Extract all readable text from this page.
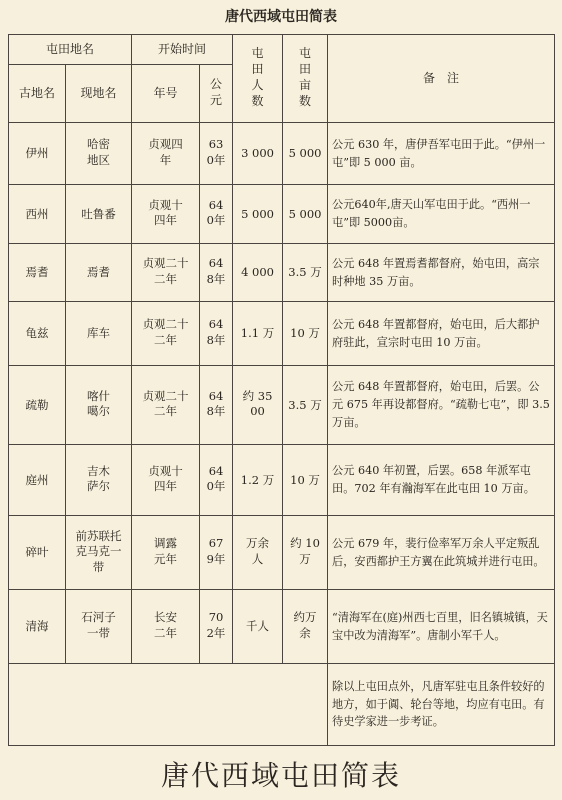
唐代西域屯田简表
屯田地名		开始时间		屯田人数	屯田亩数	备　注
古地名	现地名	年号	公元			
伊州	哈密地区	贞观四年	630年	3 000	5 000	公元 630 年，唐伊吾军屯田于此。“伊州一屯”即 5 000 亩。
西州	吐鲁番	贞观十四年	640年	5 000	5 000	公元640年,唐天山军屯田于此。“西州一屯”即 5000亩。
焉耆	焉耆	贞观二十二年	648年	4 000	3.5 万	公元 648 年置焉耆都督府，始屯田，高宗时种地 35 万亩。
龟兹	库车	贞观二十二年	648年	1.1 万	10 万	公元 648 年置都督府，始屯田，后大都护府驻此，宣宗时屯田 10 万亩。
疏勒	喀什噶尔	贞观二十二年	648年	约 3500	3.5 万	公元 648 年置都督府，始屯田，后罢。公元 675 年再设都督府。“疏勒七屯”，即 3.5 万亩。
庭州	吉木萨尔	贞观十四年	640年	1.2 万	10 万	公元 640 年初置，后罢。658 年派军屯田。702 年有瀚海军在此屯田 10 万亩。
碎叶	前苏联托克马克一带	调露元年	679年	万余人	约 10 万	公元 679 年，裴行俭率军万余人平定叛乱后，安西都护王方翼在此筑城并进行屯田。
清海	石河子一带	长安二年	702年	千人	约万余	“清海军在(庭)州西七百里，旧名镇城镇，天宝中改为清海军”。唐制小军千人。
						除以上屯田点外，凡唐军驻屯且条件较好的地方，如于阗、轮台等地，均应有屯田。有待史学家进一步考证。
唐代西域屯田简表
